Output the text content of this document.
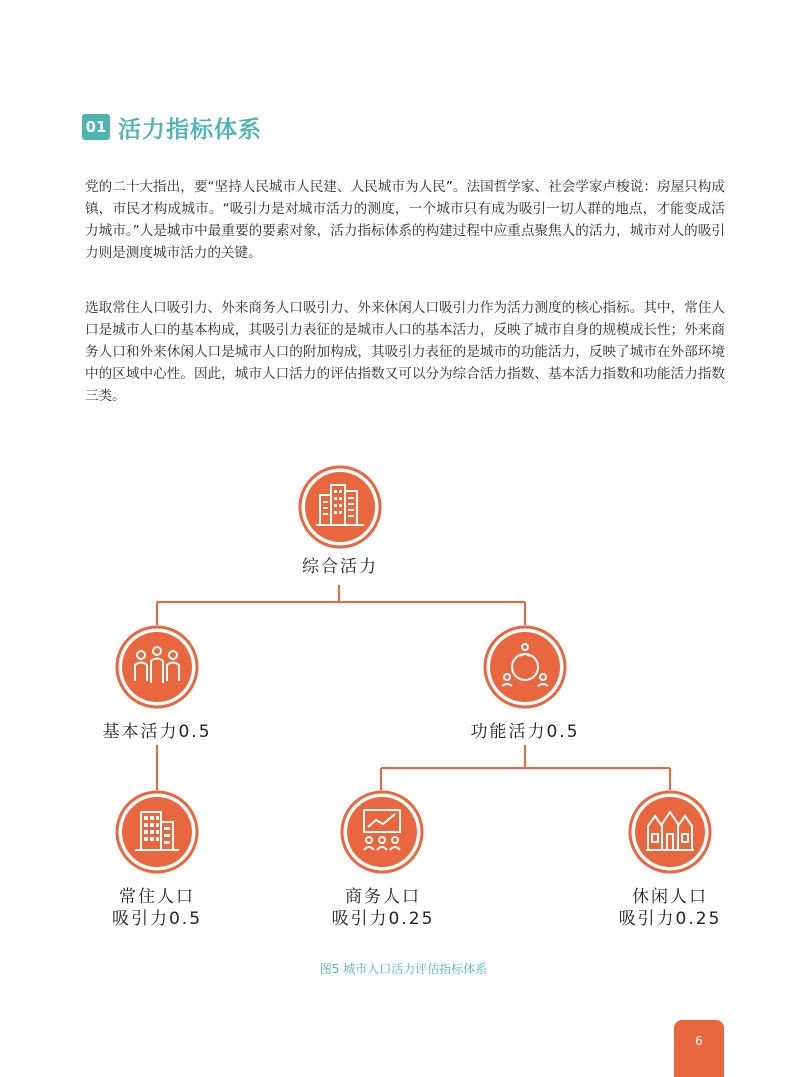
01 活力指标体系

党的二十大指出，要“坚持人民城市人民建、人民城市为人民”。法国哲学家、社会学家卢梭说：房屋只构成镇，市民才构成城市。“吸引力是对城市活力的测度，一个城市只有成为吸引一切人群的地点，才能变成活力城市。”人是城市中最重要的要素对象，活力指标体系的构建过程中应重点聚焦人的活力，城市对人的吸引力则是测度城市活力的关键。

选取常住人口吸引力、外来商务人口吸引力、外来休闲人口吸引力作为活力测度的核心指标。其中，常住人口是城市人口的基本构成，其吸引力表征的是城市人口的基本活力，反映了城市自身的规模成长性；外来商务人口和外来休闲人口是城市人口的附加构成，其吸引力表征的是城市的功能活力，反映了城市在外部环境中的区域中心性。因此，城市人口活力的评估指数又可以分为综合活力指数、基本活力指数和功能活力指数三类。

综合活力
基本活力0.5	功能活力0.5
常住人口
吸引力0.5
商务人口
吸引力0.25
休闲人口
吸引力0.25
图5 城市人口活力评估指标体系
6
